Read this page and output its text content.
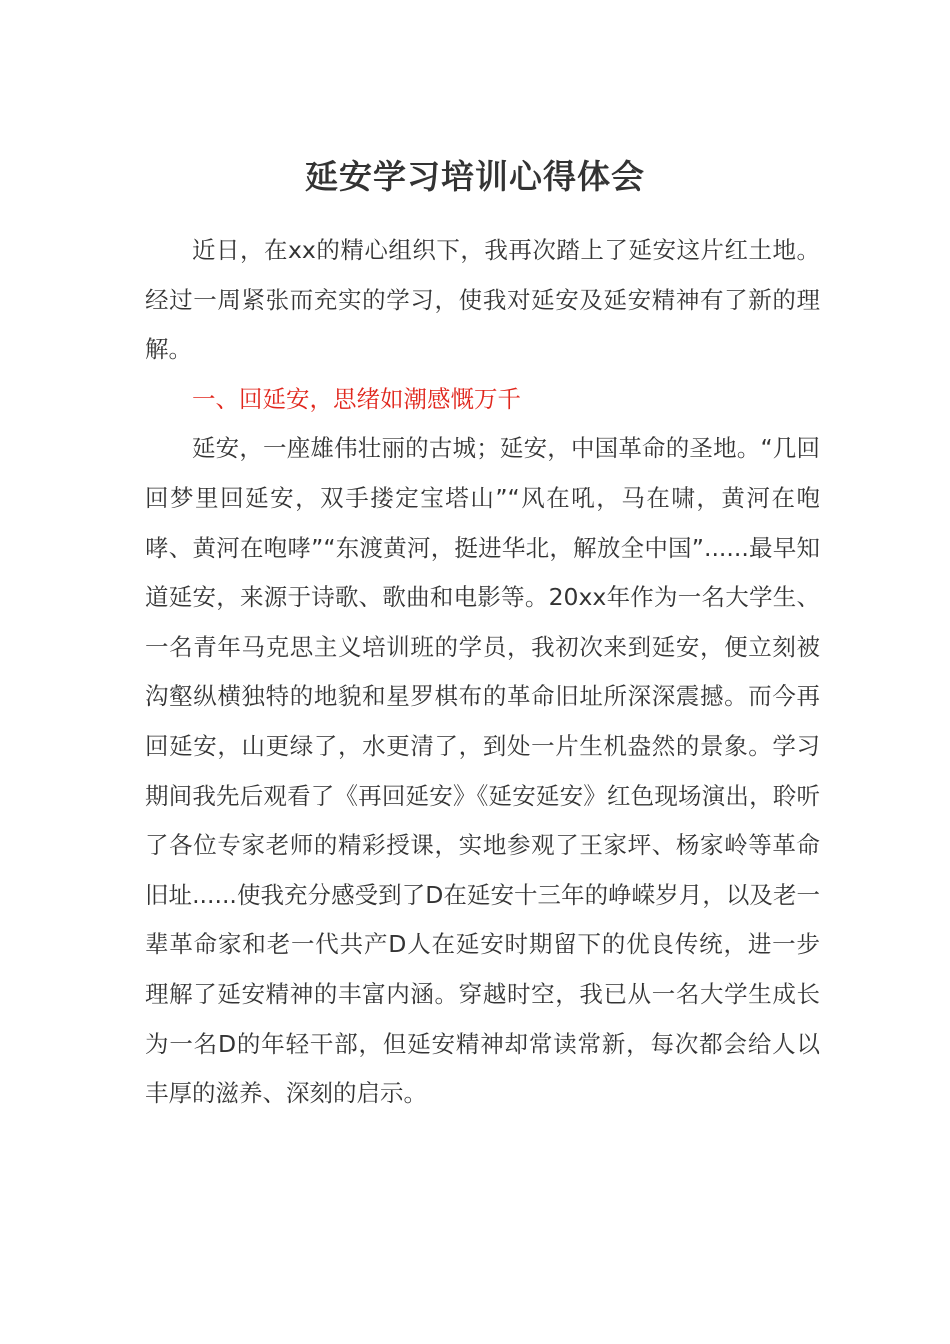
延安学习培训心得体会

近日，在xx的精心组织下，我再次踏上了延安这片红土地。经过一周紧张而充实的学习，使我对延安及延安精神有了新的理解。

一、回延安，思绪如潮感慨万千

延安，一座雄伟壮丽的古城；延安，中国革命的圣地。“几回回梦里回延安，双手搂定宝塔山”“风在吼，马在啸，黄河在咆哮、黄河在咆哮”“东渡黄河，挺进华北，解放全中国”......最早知道延安，来源于诗歌、歌曲和电影等。20xx年作为一名大学生、一名青年马克思主义培训班的学员，我初次来到延安，便立刻被沟壑纵横独特的地貌和星罗棋布的革命旧址所深深震撼。而今再回延安，山更绿了，水更清了，到处一片生机盎然的景象。学习期间我先后观看了《再回延安》《延安延安》红色现场演出，聆听了各位专家老师的精彩授课，实地参观了王家坪、杨家岭等革命旧址......使我充分感受到了D在延安十三年的峥嵘岁月，以及老一辈革命家和老一代共产D人在延安时期留下的优良传统，进一步理解了延安精神的丰富内涵。穿越时空，我已从一名大学生成长为一名D的年轻干部，但延安精神却常读常新，每次都会给人以丰厚的滋养、深刻的启示。
